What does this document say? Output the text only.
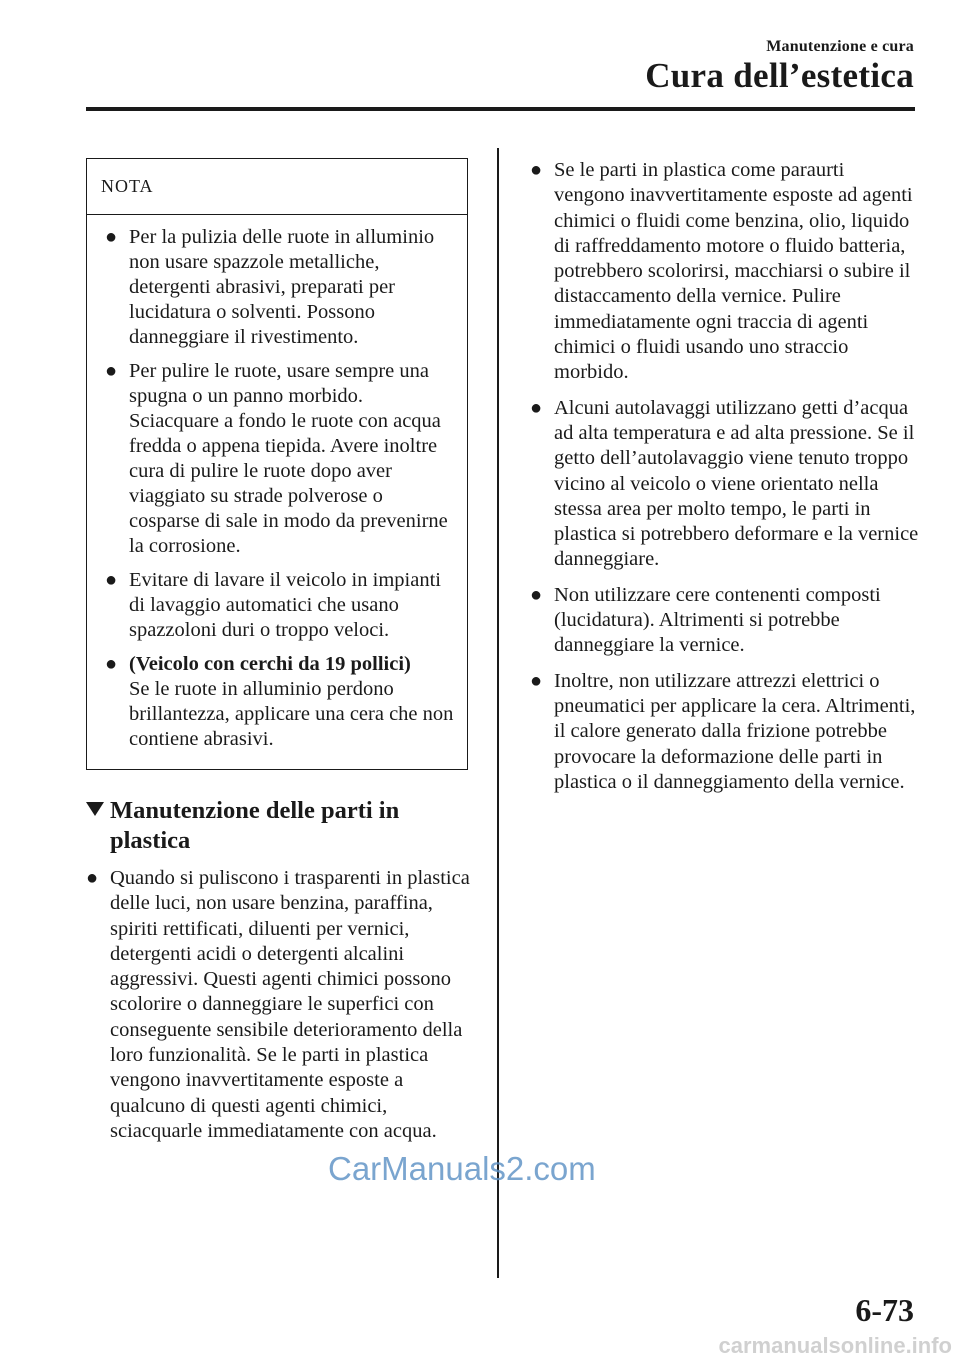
Manutenzione e cura
Cura dell’estetica
NOTA
● Per la pulizia delle ruote in alluminio non usare spazzole metalliche, detergenti abrasivi, preparati per lucidatura o solventi. Possono danneggiare il rivestimento.
● Per pulire le ruote, usare sempre una spugna o un panno morbido. Sciacquare a fondo le ruote con acqua fredda o appena tiepida. Avere inoltre cura di pulire le ruote dopo aver viaggiato su strade polverose o cosparse di sale in modo da prevenirne la corrosione.
● Evitare di lavare il veicolo in impianti di lavaggio automatici che usano spazzoloni duri o troppo veloci.
● (Veicolo con cerchi da 19 pollici)
Se le ruote in alluminio perdono brillantezza, applicare una cera che non contiene abrasivi.
Manutenzione delle parti in
plastica
● Quando si puliscono i trasparenti in plastica delle luci, non usare benzina, paraffina, spiriti rettificati, diluenti per vernici, detergenti acidi o detergenti alcalini aggressivi. Questi agenti chimici possono scolorire o danneggiare le superfici con conseguente sensibile deterioramento della loro funzionalità. Se le parti in plastica vengono inavvertitamente esposte a qualcuno di questi agenti chimici, sciacquarle immediatamente con acqua.
● Se le parti in plastica come paraurti vengono inavvertitamente esposte ad agenti chimici o fluidi come benzina, olio, liquido di raffreddamento motore o fluido batteria, potrebbero scolorirsi, macchiarsi o subire il distaccamento della vernice. Pulire immediatamente ogni traccia di agenti chimici o fluidi usando uno straccio morbido.
● Alcuni autolavaggi utilizzano getti d’acqua ad alta temperatura e ad alta pressione. Se il getto dell’autolavaggio viene tenuto troppo vicino al veicolo o viene orientato nella stessa area per molto tempo, le parti in plastica si potrebbero deformare e la vernice danneggiare.
● Non utilizzare cere contenenti composti (lucidatura). Altrimenti si potrebbe danneggiare la vernice.
● Inoltre, non utilizzare attrezzi elettrici o pneumatici per applicare la cera. Altrimenti, il calore generato dalla frizione potrebbe provocare la deformazione delle parti in plastica o il danneggiamento della vernice.
CarManuals2.com
6-73
carmanualsonline.info
